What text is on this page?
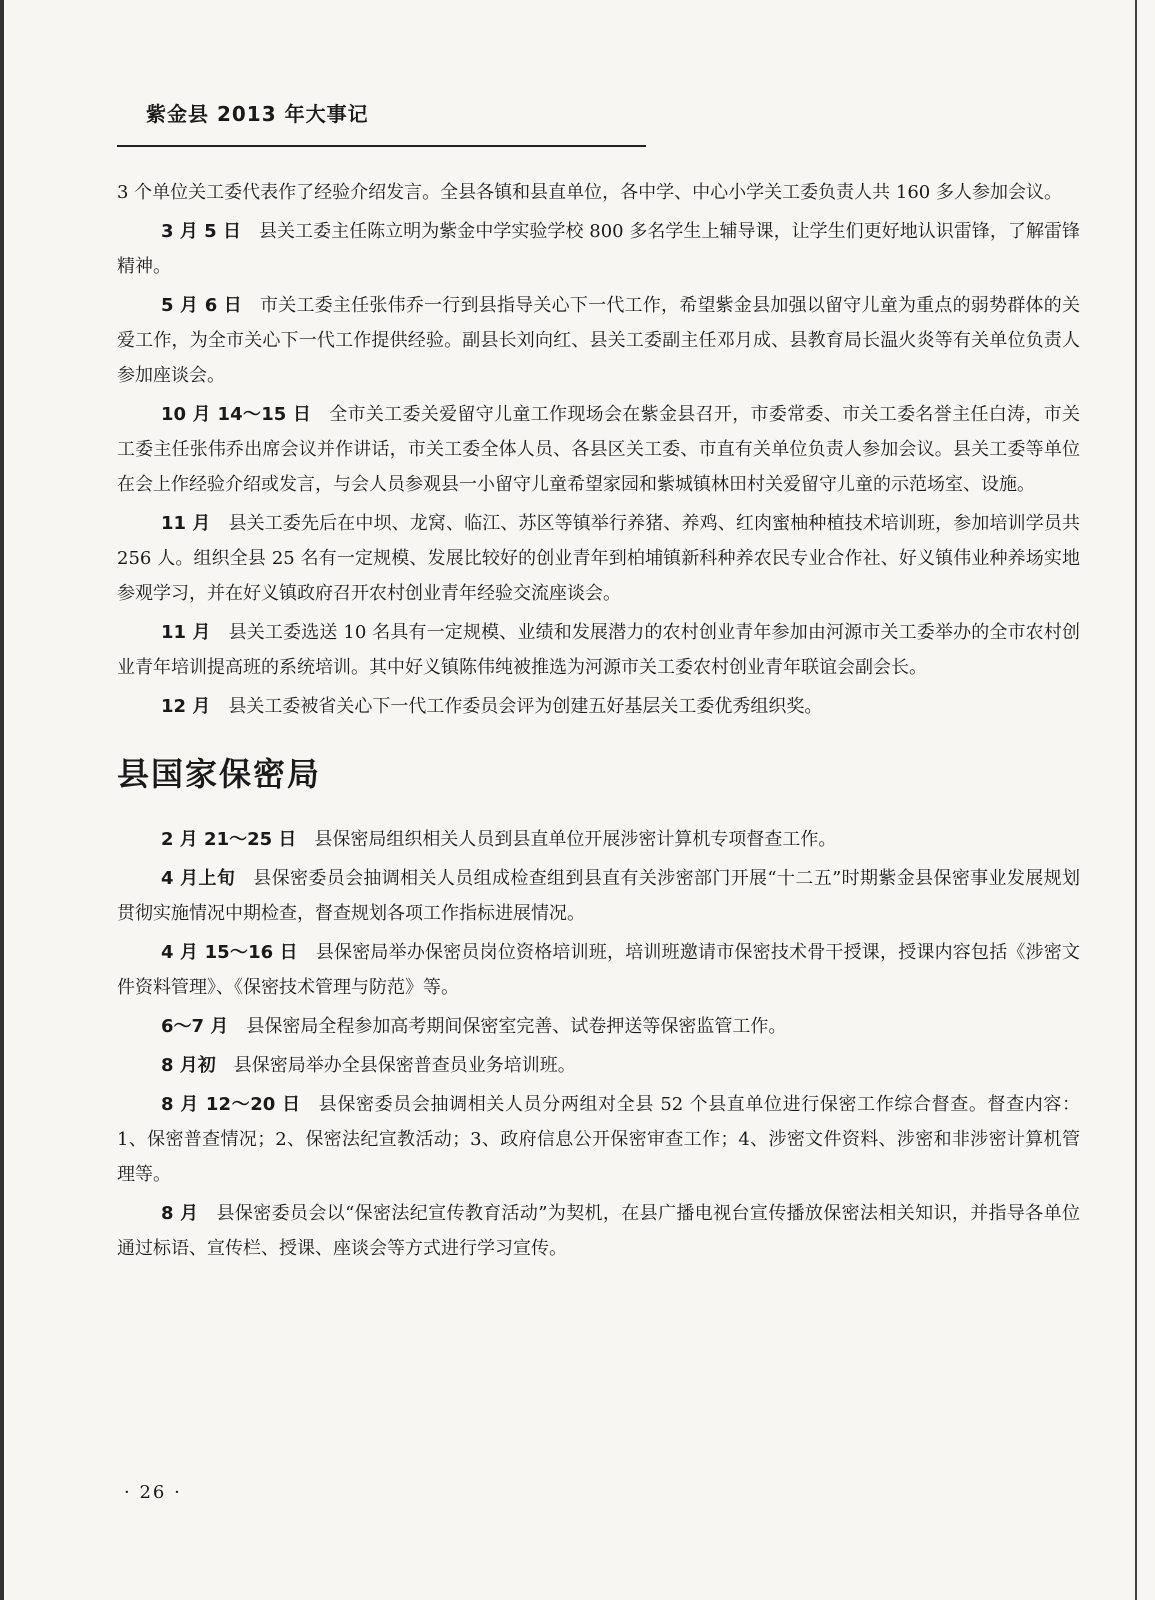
紫金县 2013 年大事记

3 个单位关工委代表作了经验介绍发言。全县各镇和县直单位，各中学、中心小学关工委负责人共 160 多人参加会议。

3 月 5 日 县关工委主任陈立明为紫金中学实验学校 800 多名学生上辅导课，让学生们更好地认识雷锋，了解雷锋精神。

5 月 6 日 市关工委主任张伟乔一行到县指导关心下一代工作，希望紫金县加强以留守儿童为重点的弱势群体的关爱工作，为全市关心下一代工作提供经验。副县长刘向红、县关工委副主任邓月成、县教育局长温火炎等有关单位负责人参加座谈会。

10 月 14～15 日 全市关工委关爱留守儿童工作现场会在紫金县召开，市委常委、市关工委名誉主任白涛，市关工委主任张伟乔出席会议并作讲话，市关工委全体人员、各县区关工委、市直有关单位负责人参加会议。县关工委等单位在会上作经验介绍或发言，与会人员参观县一小留守儿童希望家园和紫城镇林田村关爱留守儿童的示范场室、设施。

11 月 县关工委先后在中坝、龙窝、临江、苏区等镇举行养猪、养鸡、红肉蜜柚种植技术培训班，参加培训学员共 256 人。组织全县 25 名有一定规模、发展比较好的创业青年到柏埔镇新科种养农民专业合作社、好义镇伟业种养场实地参观学习，并在好义镇政府召开农村创业青年经验交流座谈会。

11 月 县关工委选送 10 名具有一定规模、业绩和发展潜力的农村创业青年参加由河源市关工委举办的全市农村创业青年培训提高班的系统培训。其中好义镇陈伟纯被推选为河源市关工委农村创业青年联谊会副会长。

12 月 县关工委被省关心下一代工作委员会评为创建五好基层关工委优秀组织奖。

县国家保密局

2 月 21～25 日 县保密局组织相关人员到县直单位开展涉密计算机专项督查工作。

4 月上旬 县保密委员会抽调相关人员组成检查组到县直有关涉密部门开展“十二五”时期紫金县保密事业发展规划贯彻实施情况中期检查，督查规划各项工作指标进展情况。

4 月 15～16 日 县保密局举办保密员岗位资格培训班，培训班邀请市保密技术骨干授课，授课内容包括《涉密文件资料管理》、《保密技术管理与防范》等。

6～7 月 县保密局全程参加高考期间保密室完善、试卷押送等保密监管工作。

8 月初 县保密局举办全县保密普查员业务培训班。

8 月 12～20 日 县保密委员会抽调相关人员分两组对全县 52 个县直单位进行保密工作综合督查。督查内容：1、保密普查情况；2、保密法纪宣教活动；3、政府信息公开保密审查工作；4、涉密文件资料、涉密和非涉密计算机管理等。

8 月 县保密委员会以“保密法纪宣传教育活动”为契机，在县广播电视台宣传播放保密法相关知识，并指导各单位通过标语、宣传栏、授课、座谈会等方式进行学习宣传。

· 26 ·
